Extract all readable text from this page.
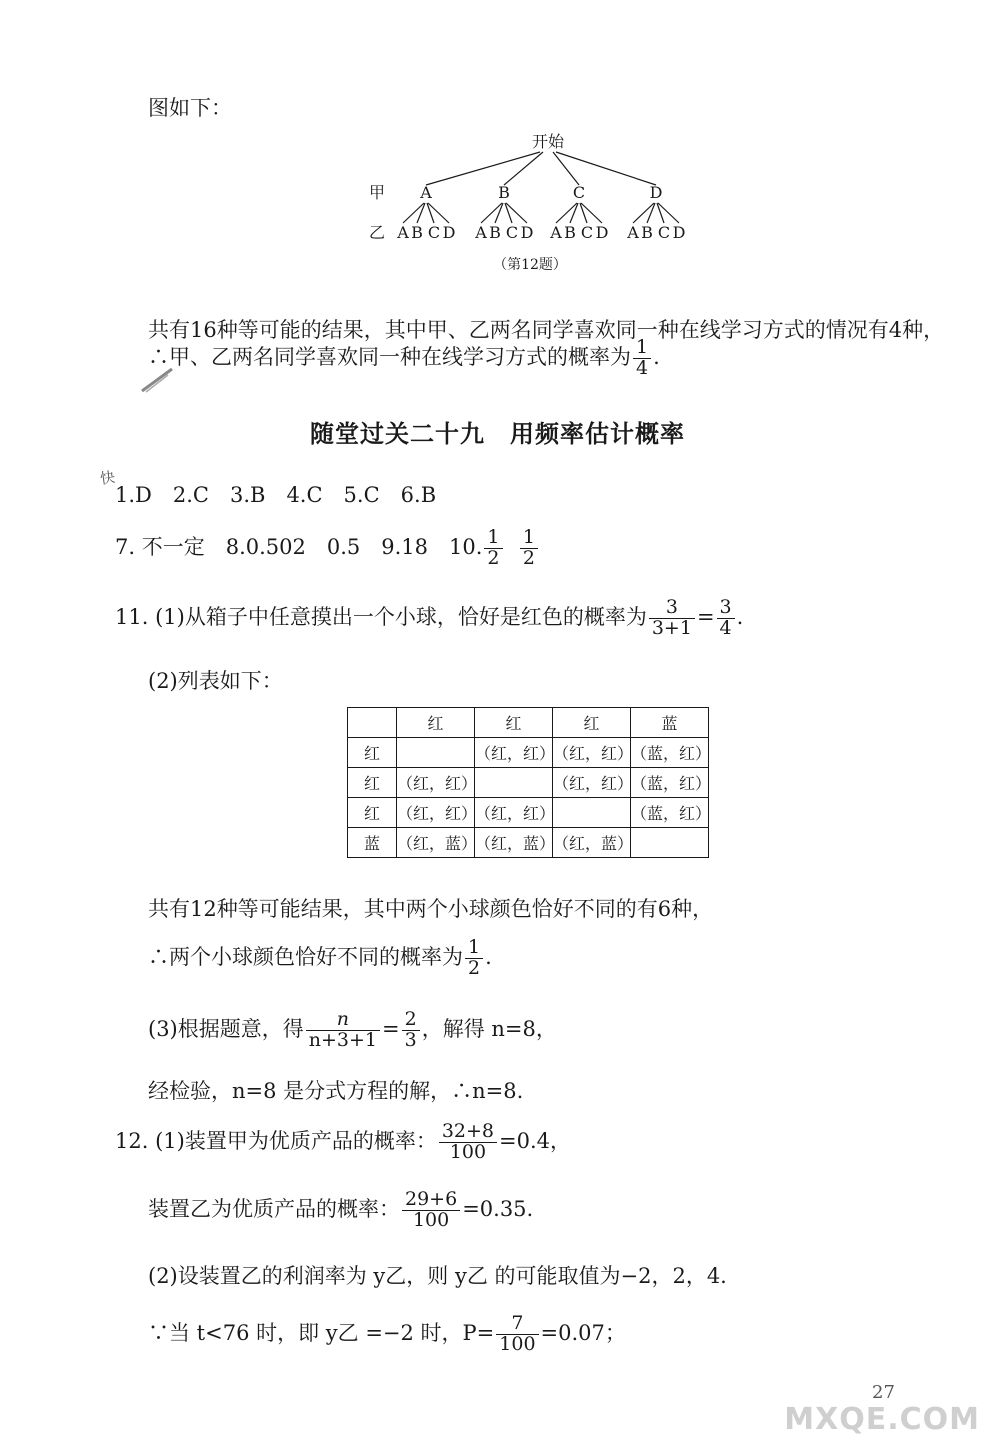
图如下：
开始
甲 A	B	C	D
乙 A B C D A B C D A B C D A B C D
（第12题）
共有16种等可能的结果，其中甲、乙两名同学喜欢同一种在线学习方式的情况有4种，
∴甲、乙两名同学喜欢同一种在线学习方式的概率为 $\frac{1}{4}$ .
随堂过关二十九　用频率估计概率
快
1.D　2.C　3.B　4.C　5.C　6.B
7. 不一定　8.0.502　0.5　9.18　10. $\frac{1}{2}$
$\frac{1}{2}$
11. (1)从箱子中任意摸出一个小球，恰好是红色的概率为 $\frac{3}{3+1} = \frac{3}{4}$ .
(2)列表如下：
	红	红	红	蓝
红		（红，红）	（红，红）	（蓝，红）
红	（红，红）		（红，红）	（蓝，红）
红	（红，红）	（红，红）		（蓝，红）
蓝	（红，蓝）	（红，蓝）	（红，蓝）	
共有12种等可能结果，其中两个小球颜色恰好不同的有6种，
∴两个小球颜色恰好不同的概率为 $\frac{1}{2}$ .
(3)根据题意，得 $\frac{n}{n+3+1} = \frac{2}{3}$ ，解得 n=8，
经检验，n=8 是分式方程的解，∴n=8.
12. (1)装置甲为优质产品的概率： $\frac{32+8}{100} =0.4$，
装置乙为优质产品的概率： $\frac{29+6}{100} =0.35$.
(2)设装置乙的利润率为 y乙，则 y乙 的可能取值为−2，2，4.
∵当 t<76 时，即 y乙 =−2 时，$P= \frac{7}{100} =0.07$；
27
MXQE.COM
